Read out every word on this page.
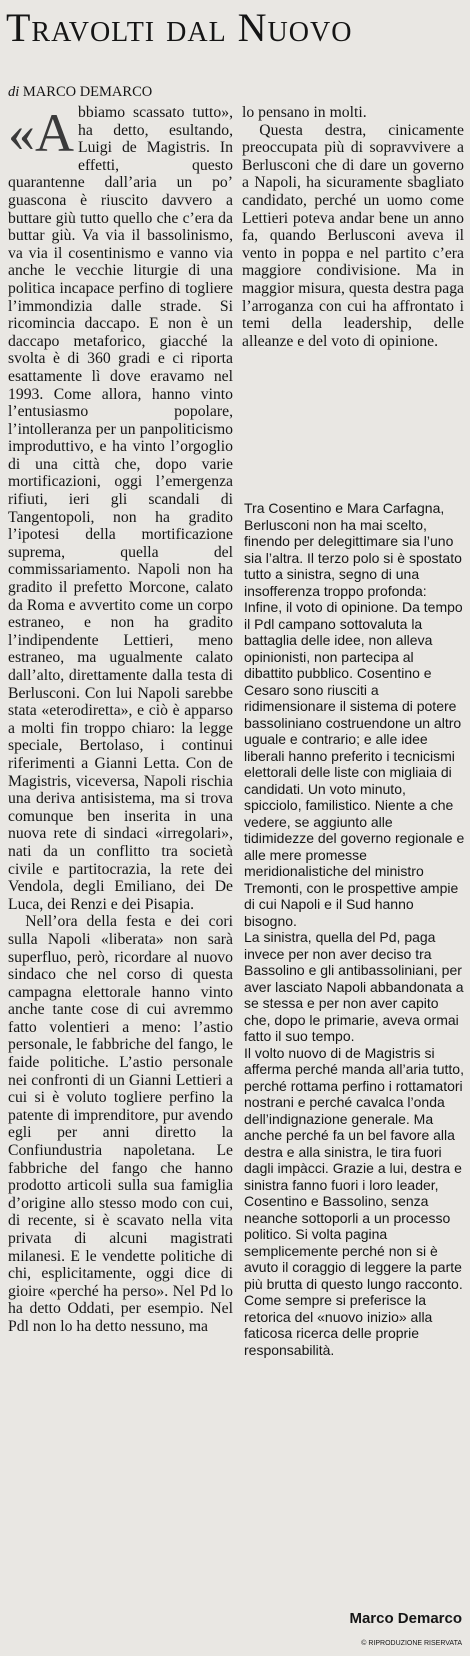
Travolti dal Nuovo
di MARCO DEMARCO

«A bbiamo scassato tutto», ha detto, esultando, Luigi de Magistris. In effetti, questo quarantenne dall’aria un po’ guascona è riuscito davvero a buttare giù tutto quello che c’era da buttar giù. Va via il bassolinismo, va via il cosentinismo e vanno via anche le vecchie liturgie di una politica incapace perfino di togliere l’immondizia dalle strade. Si ricomincia daccapo. E non è un daccapo metaforico, giacché la svolta è di 360 gradi e ci riporta esattamente lì dove eravamo nel 1993. Come allora, hanno vinto l’entusiasmo popolare, l’intolleranza per un panpoliticismo improduttivo, e ha vinto l’orgoglio di una città che, dopo varie mortificazioni, oggi l’emergenza rifiuti, ieri gli scandali di Tangentopoli, non ha gradito l’ipotesi della mortificazione suprema, quella del commissariamento. Napoli non ha gradito il prefetto Morcone, calato da Roma e avvertito come un corpo estraneo, e non ha gradito l’indipendente Lettieri, meno estraneo, ma ugualmente calato dall’alto, direttamente dalla testa di Berlusconi. Con lui Napoli sarebbe stata «eterodiretta», e ciò è apparso a molti fin troppo chiaro: la legge speciale, Bertolaso, i continui riferimenti a Gianni Letta. Con de Magistris, viceversa, Napoli rischia una deriva antisistema, ma si trova comunque ben inserita in una nuova rete di sindaci «irregolari», nati da un conflitto tra società civile e partitocrazia, la rete dei Vendola, degli Emiliano, dei De Luca, dei Renzi e dei Pisapia.

Nell’ora della festa e dei cori sulla Napoli «liberata» non sarà superfluo, però, ricordare al nuovo sindaco che nel corso di questa campagna elettorale hanno vinto anche tante cose di cui avremmo fatto volentieri a meno: l’astio personale, le fabbriche del fango, le faide politiche. L’astio personale nei confronti di un Gianni Lettieri a cui si è voluto togliere perfino la patente di imprenditore, pur avendo egli per anni diretto la Confiundustria napoletana. Le fabbriche del fango che hanno prodotto articoli sulla sua famiglia d’origine allo stesso modo con cui, di recente, si è scavato nella vita privata di alcuni magistrati milanesi. E le vendette politiche di chi, esplicitamente, oggi dice di gioire «perché ha perso». Nel Pd lo ha detto Oddati, per esempio. Nel Pdl non lo ha detto nessuno, ma

lo pensano in molti.

Questa destra, cinicamente preoccupata più di sopravvivere a Berlusconi che di dare un governo a Napoli, ha sicuramente sbagliato candidato, perché un uomo come Lettieri poteva andar bene un anno fa, quando Berlusconi aveva il vento in poppa e nel partito c’era maggiore condivisione. Ma in maggior misura, questa destra paga l’arroganza con cui ha affrontato i temi della leadership, delle alleanze e del voto di opinione.

Tra Cosentino e Mara Carfagna, Berlusconi non ha mai scelto, finendo per delegittimare sia l’uno sia l’altra. Il terzo polo si è spostato tutto a sinistra, segno di una insofferenza troppo profonda: Infine, il voto di opinione. Da tempo il Pdl campano sottovaluta la battaglia delle idee, non alleva opinionisti, non partecipa al dibattito pubblico. Cosentino e Cesaro sono riusciti a ridimensionare il sistema di potere bassoliniano costruendone un altro uguale e contrario; e alle idee liberali hanno preferito i tecnicismi elettorali delle liste con migliaia di candidati. Un voto minuto, spicciolo, familistico. Niente a che vedere, se aggiunto alle tidimidezze del governo regionale e alle mere promesse meridionalistiche del ministro Tremonti, con le prospettive ampie di cui Napoli e il Sud hanno bisogno.

La sinistra, quella del Pd, paga invece per non aver deciso tra Bassolino e gli antibassoliniani, per aver lasciato Napoli abbandonata a se stessa e per non aver capito che, dopo le primarie, aveva ormai fatto il suo tempo.

Il volto nuovo di de Magistris si afferma perché manda all’aria tutto, perché rottama perfino i rottamatori nostrani e perché cavalca l’onda dell’indignazione generale. Ma anche perché fa un bel favore alla destra e alla sinistra, le tira fuori dagli impàcci. Grazie a lui, destra e sinistra fanno fuori i loro leader, Cosentino e Bassolino, senza neanche sottoporli a un processo politico. Si volta pagina semplicemente perché non si è avuto il coraggio di leggere la parte più brutta di questo lungo racconto. Come sempre si preferisce la retorica del «nuovo inizio» alla faticosa ricerca delle proprie responsabilità.

Marco Demarco
© RIPRODUZIONE RISERVATA
